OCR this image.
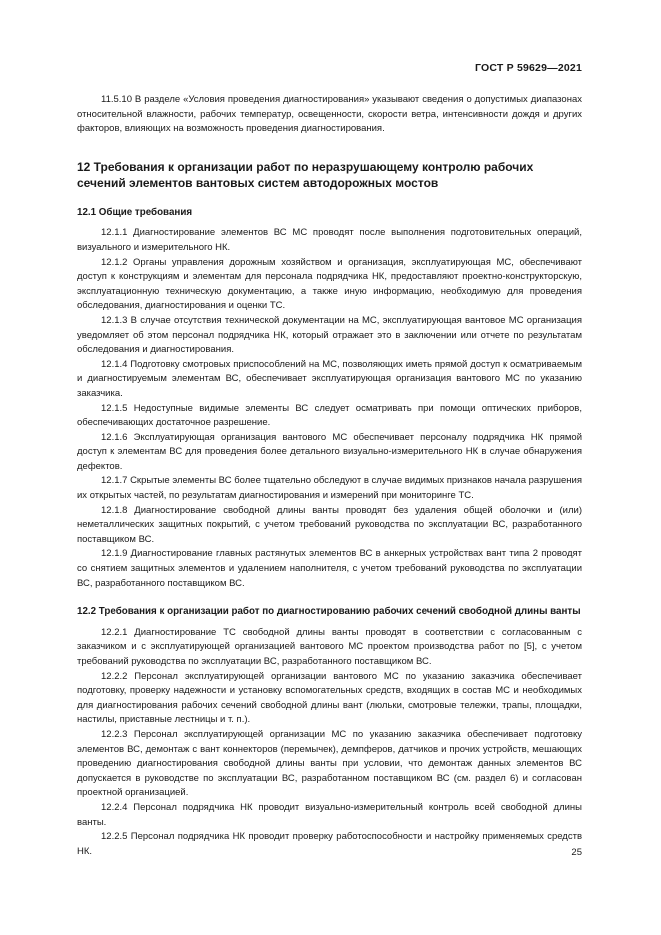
ГОСТ Р 59629—2021

11.5.10 В разделе «Условия проведения диагностирования» указывают сведения о допустимых диапазонах относительной влажности, рабочих температур, освещенности, скорости ветра, интенсивности дождя и других факторов, влияющих на возможность проведения диагностирования.

12 Требования к организации работ по неразрушающему контролю рабочих сечений элементов вантовых систем автодорожных мостов
12.1 Общие требования

12.1.1 Диагностирование элементов ВС МС проводят после выполнения подготовительных операций, визуального и измерительного НК.

12.1.2 Органы управления дорожным хозяйством и организация, эксплуатирующая МС, обеспечивают доступ к конструкциям и элементам для персонала подрядчика НК, предоставляют проектно-конструкторскую, эксплуатационную техническую документацию, а также иную информацию, необходимую для проведения обследования, диагностирования и оценки ТС.

12.1.3 В случае отсутствия технической документации на МС, эксплуатирующая вантовое МС организация уведомляет об этом персонал подрядчика НК, который отражает это в заключении или отчете по результатам обследования и диагностирования.

12.1.4 Подготовку смотровых приспособлений на МС, позволяющих иметь прямой доступ к осматриваемым и диагностируемым элементам ВС, обеспечивает эксплуатирующая организация вантового МС по указанию заказчика.

12.1.5 Недоступные видимые элементы ВС следует осматривать при помощи оптических приборов, обеспечивающих достаточное разрешение.

12.1.6 Эксплуатирующая организация вантового МС обеспечивает персоналу подрядчика НК прямой доступ к элементам ВС для проведения более детального визуально-измерительного НК в случае обнаружения дефектов.

12.1.7 Скрытые элементы ВС более тщательно обследуют в случае видимых признаков начала разрушения их открытых частей, по результатам диагностирования и измерений при мониторинге ТС.

12.1.8 Диагностирование свободной длины ванты проводят без удаления общей оболочки и (или) неметаллических защитных покрытий, с учетом требований руководства по эксплуатации ВС, разработанного поставщиком ВС.

12.1.9 Диагностирование главных растянутых элементов ВС в анкерных устройствах вант типа 2 проводят со снятием защитных элементов и удалением наполнителя, с учетом требований руководства по эксплуатации ВС, разработанного поставщиком ВС.

12.2 Требования к организации работ по диагностированию рабочих сечений свободной длины ванты

12.2.1 Диагностирование ТС свободной длины ванты проводят в соответствии с согласованным с заказчиком и с эксплуатирующей организацией вантового МС проектом производства работ по [5], с учетом требований руководства по эксплуатации ВС, разработанного поставщиком ВС.

12.2.2 Персонал эксплуатирующей организации вантового МС по указанию заказчика обеспечивает подготовку, проверку надежности и установку вспомогательных средств, входящих в состав МС и необходимых для диагностирования рабочих сечений свободной длины вант (люльки, смотровые тележки, трапы, площадки, настилы, приставные лестницы и т. п.).

12.2.3 Персонал эксплуатирующей организации МС по указанию заказчика обеспечивает подготовку элементов ВС, демонтаж с вант коннекторов (перемычек), демпферов, датчиков и прочих устройств, мешающих проведению диагностирования свободной длины ванты при условии, что демонтаж данных элементов ВС допускается в руководстве по эксплуатации ВС, разработанном поставщиком ВС (см. раздел 6) и согласован проектной организацией.

12.2.4 Персонал подрядчика НК проводит визуально-измерительный контроль всей свободной длины ванты.

12.2.5 Персонал подрядчика НК проводит проверку работоспособности и настройку применяемых средств НК.	25
